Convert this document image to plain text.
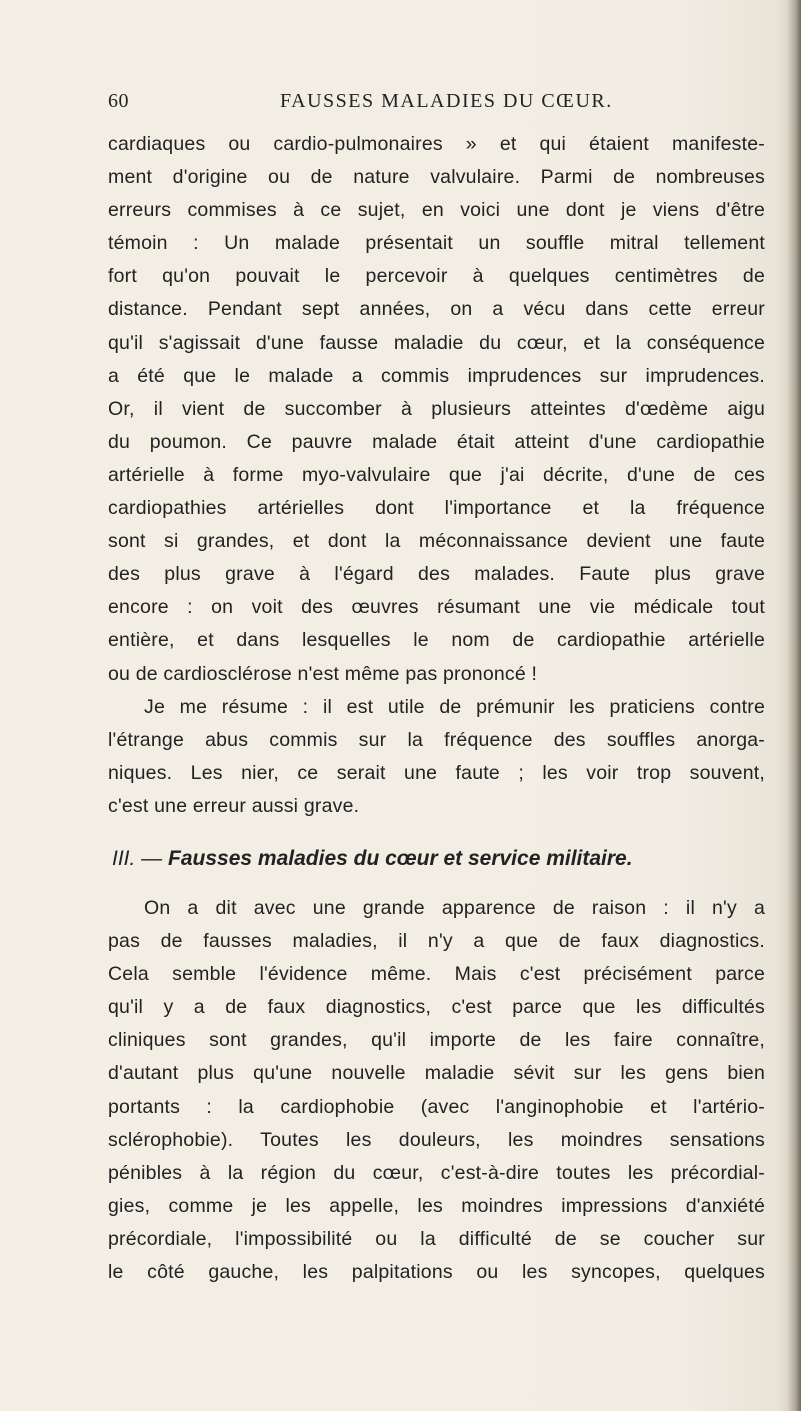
60	FAUSSES MALADIES DU CŒUR.
cardiaques ou cardio-pulmonaires » et qui étaient manifeste-
ment d'origine ou de nature valvulaire. Parmi de nombreuses
erreurs commises à ce sujet, en voici une dont je viens d'être
témoin : Un malade présentait un souffle mitral tellement
fort qu'on pouvait le percevoir à quelques centimètres de
distance. Pendant sept années, on a vécu dans cette erreur
qu'il s'agissait d'une fausse maladie du cœur, et la conséquence
a été que le malade a commis imprudences sur imprudences.
Or, il vient de succomber à plusieurs atteintes d'œdème aigu
du poumon. Ce pauvre malade était atteint d'une cardiopathie
artérielle à forme myo-valvulaire que j'ai décrite, d'une de ces
cardiopathies artérielles dont l'importance et la fréquence
sont si grandes, et dont la méconnaissance devient une faute
des plus grave à l'égard des malades. Faute plus grave
encore : on voit des œuvres résumant une vie médicale tout
entière, et dans lesquelles le nom de cardiopathie artérielle
ou de cardiosclérose n'est même pas prononcé !
Je me résume : il est utile de prémunir les praticiens contre
l'étrange abus commis sur la fréquence des souffles anorga-
niques. Les nier, ce serait une faute ; les voir trop souvent,
c'est une erreur aussi grave.
III. — Fausses maladies du cœur et service militaire.
On a dit avec une grande apparence de raison : il n'y a
pas de fausses maladies, il n'y a que de faux diagnostics.
Cela semble l'évidence même. Mais c'est précisément parce
qu'il y a de faux diagnostics, c'est parce que les difficultés
cliniques sont grandes, qu'il importe de les faire connaître,
d'autant plus qu'une nouvelle maladie sévit sur les gens bien
portants : la cardiophobie (avec l'anginophobie et l'artério-
sclérophobie). Toutes les douleurs, les moindres sensations
pénibles à la région du cœur, c'est-à-dire toutes les précordial-
gies, comme je les appelle, les moindres impressions d'anxiété
précordiale, l'impossibilité ou la difficulté de se coucher sur
le côté gauche, les palpitations ou les syncopes, quelques
